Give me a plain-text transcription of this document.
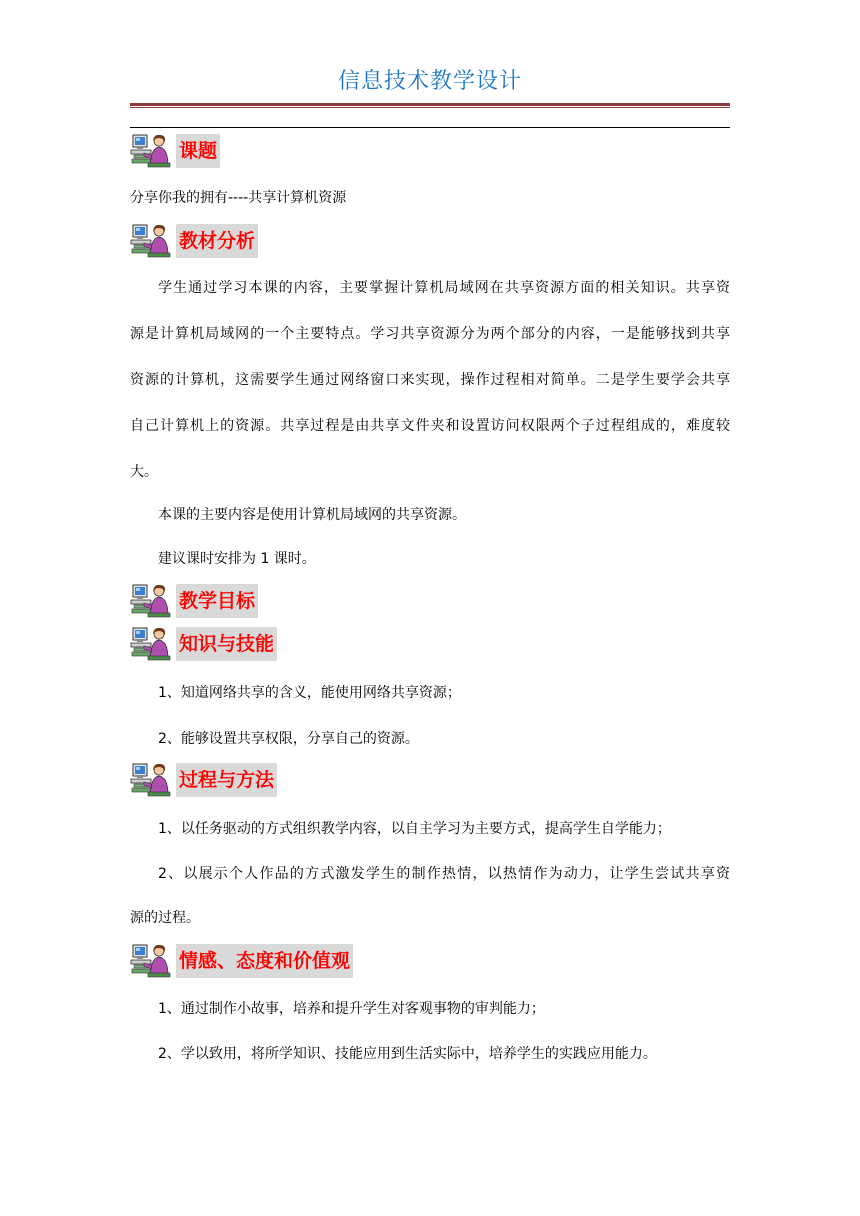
信息技术教学设计
课题
分享你我的拥有----共享计算机资源
教材分析
学生通过学习本课的内容，主要掌握计算机局域网在共享资源方面的相关知识。共享资
源是计算机局域网的一个主要特点。学习共享资源分为两个部分的内容，一是能够找到共享
资源的计算机，这需要学生通过网络窗口来实现，操作过程相对简单。二是学生要学会共享
自己计算机上的资源。共享过程是由共享文件夹和设置访问权限两个子过程组成的，难度较
大。
本课的主要内容是使用计算机局域网的共享资源。
建议课时安排为 1 课时。
教学目标
知识与技能
1、知道网络共享的含义，能使用网络共享资源；
2、能够设置共享权限，分享自己的资源。
过程与方法
1、以任务驱动的方式组织教学内容，以自主学习为主要方式，提高学生自学能力；
2、以展示个人作品的方式激发学生的制作热情，以热情作为动力，让学生尝试共享资
源的过程。
情感、态度和价值观
1、通过制作小故事，培养和提升学生对客观事物的审判能力；
2、学以致用，将所学知识、技能应用到生活实际中，培养学生的实践应用能力。
